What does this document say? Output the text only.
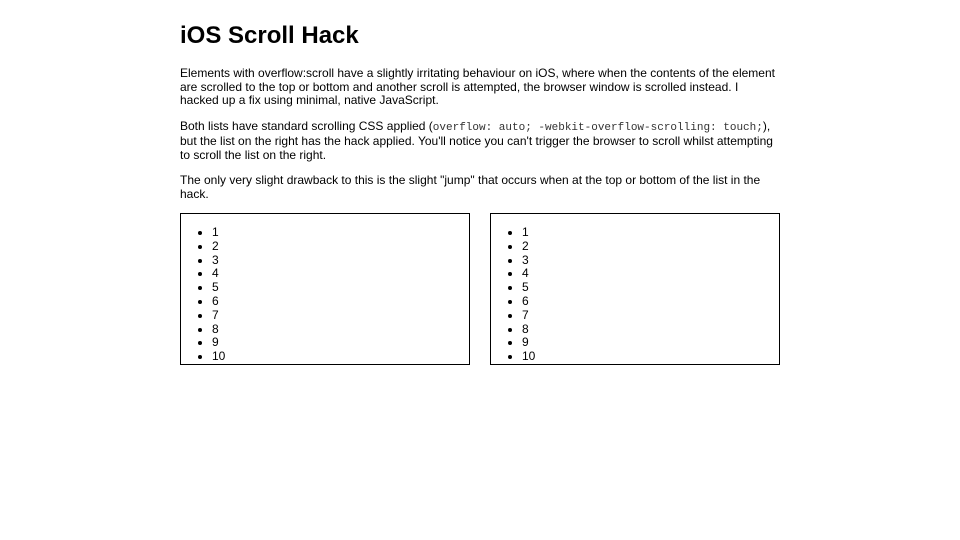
iOS Scroll Hack

Elements with overflow:scroll have a slightly irritating behaviour on iOS, where when the contents of the element are scrolled to the top or bottom and another scroll is attempted, the browser window is scrolled instead. I hacked up a fix using minimal, native JavaScript.

Both lists have standard scrolling CSS applied (overflow: auto; -webkit-overflow-scrolling: touch;), but the list on the right has the hack applied. You'll notice you can't trigger the browser to scroll whilst attempting to scroll the list on the right.

The only very slight drawback to this is the slight "jump" that occurs when at the top or bottom of the list in the hack.

• 1
• 2
• 3
• 4
• 5
• 6
• 7
• 8
• 9
• 10
• 1
• 2
• 3
• 4
• 5
• 6
• 7
• 8
• 9
• 10
